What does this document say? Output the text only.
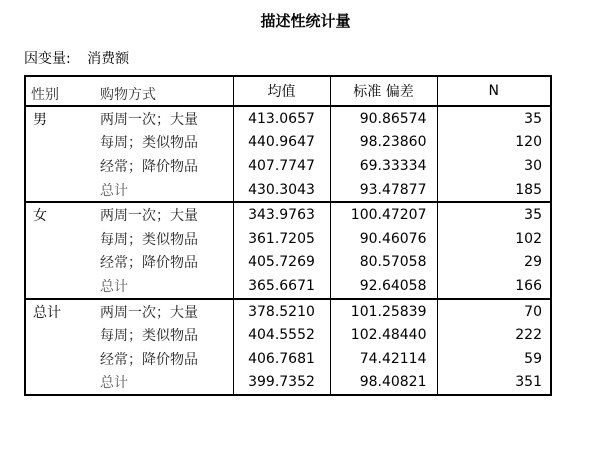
描述性统计量
因变量: 消费额
性别	购物方式	均值	标准 偏差	N
男	两周一次；大量	413.0657	90.86574	35
	每周；类似物品	440.9647	98.23860	120
	经常；降价物品	407.7747	69.33334	30
	总计	430.3043	93.47877	185
女	两周一次；大量	343.9763	100.47207	35
	每周；类似物品	361.7205	90.46076	102
	经常；降价物品	405.7269	80.57058	29
	总计	365.6671	92.64058	166
总计	两周一次；大量	378.5210	101.25839	70
	每周；类似物品	404.5552	102.48440	222
	经常；降价物品	406.7681	74.42114	59
	总计	399.7352	98.40821	351
